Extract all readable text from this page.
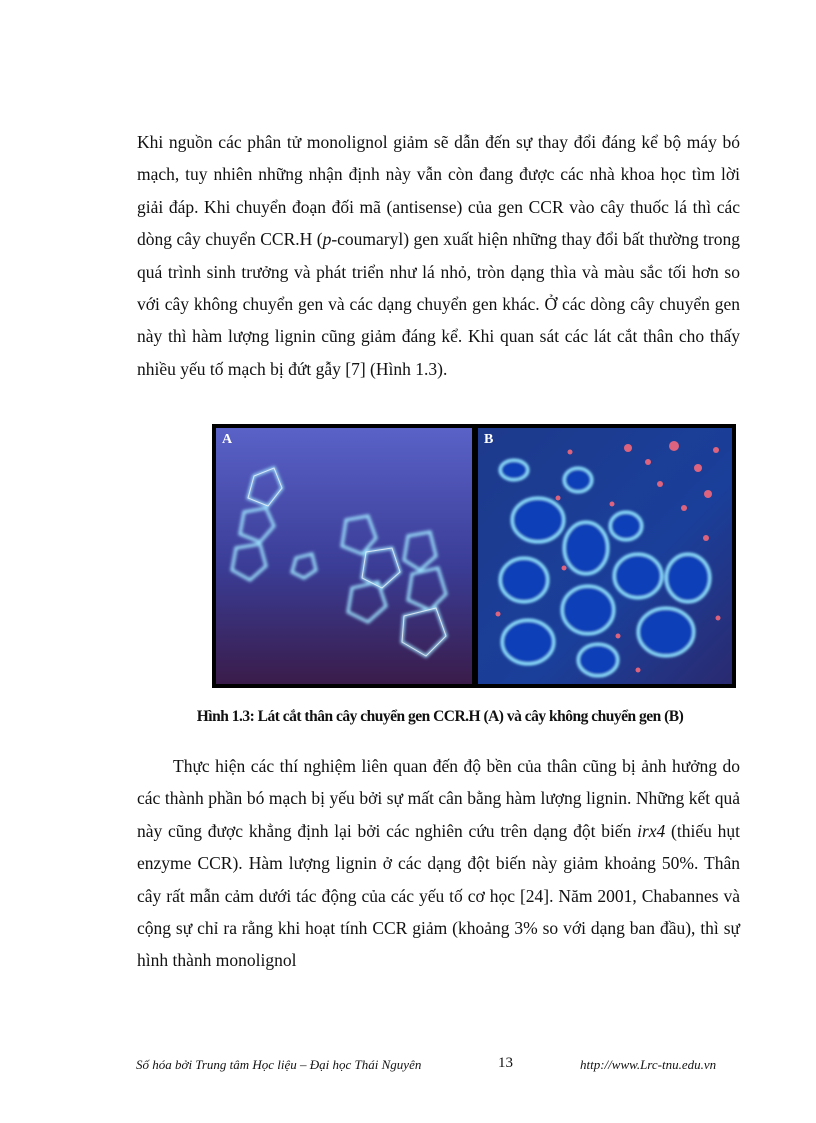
Khi nguồn các phân tử monolignol giảm sẽ dẫn đến sự thay đổi đáng kể bộ máy bó mạch, tuy nhiên những nhận định này vẫn còn đang được các nhà khoa học tìm lời giải đáp. Khi chuyển đoạn đối mã (antisense) của gen CCR vào cây thuốc lá thì các dòng cây chuyển CCR.H (p-coumaryl) gen xuất hiện những thay đổi bất thường trong quá trình sinh trưởng và phát triển như lá nhỏ, tròn dạng thìa và màu sắc tối hơn so với cây không chuyển gen và các dạng chuyển gen khác. Ở các dòng cây chuyển gen này thì hàm lượng lignin cũng giảm đáng kể. Khi quan sát các lát cắt thân cho thấy nhiều yếu tố mạch bị đứt gẫy [7] (Hình 1.3).

A	B
Hình 1.3: Lát cắt thân cây chuyển gen CCR.H (A) và cây không chuyển gen (B)

Thực hiện các thí nghiệm liên quan đến độ bền của thân cũng bị ảnh hưởng do các thành phần bó mạch bị yếu bởi sự mất cân bằng hàm lượng lignin. Những kết quả này cũng được khẳng định lại bởi các nghiên cứu trên dạng đột biến irx4 (thiếu hụt enzyme CCR). Hàm lượng lignin ở các dạng đột biến này giảm khoảng 50%. Thân cây rất mẫn cảm dưới tác động của các yếu tố cơ học [24]. Năm 2001, Chabannes và cộng sự chỉ ra rằng khi hoạt tính CCR giảm (khoảng 3% so với dạng ban đầu), thì sự hình thành monolignol

Số hóa bởi Trung tâm Học liệu – Đại học Thái Nguyên	13	http://www.Lrc-tnu.edu.vn
